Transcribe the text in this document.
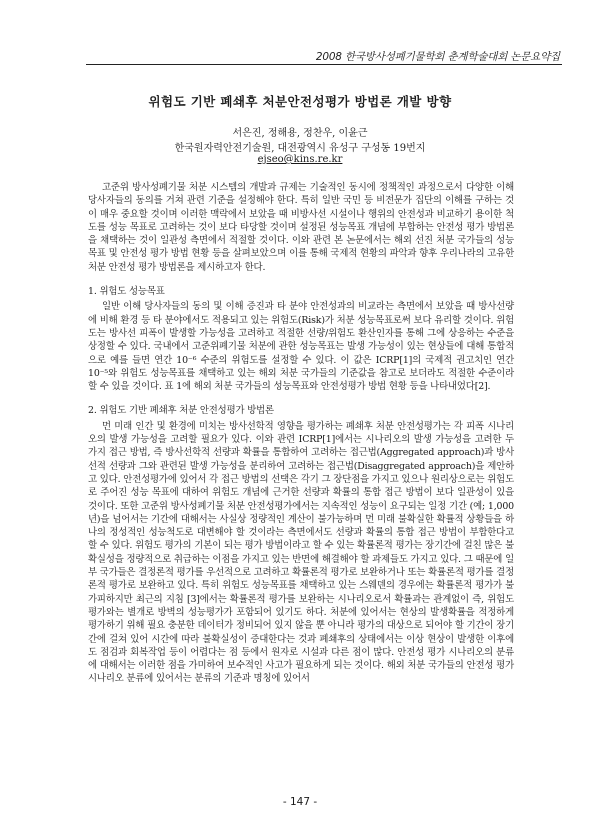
2008 한국방사성폐기물학회 춘계학술대회 논문요약집
위험도 기반 폐쇄후 처분안전성평가 방법론 개발 방향
서은진, 정해용, 정찬우, 이윤근
한국원자력안전기술원, 대전광역시 유성구 구성동 19번지
ejseo@kins.re.kr

고준위 방사성폐기물 처분 시스템의 개발과 규제는 기술적인 동시에 정책적인 과정으로서 다양한 이해 당사자들의 동의를 거쳐 관련 기준을 설정해야 한다. 특히 일반 국민 등 비전문가 집단의 이해를 구하는 것이 매우 중요할 것이며 이러한 맥락에서 보았을 때 비방사선 시설이나 행위의 안전성과 비교하기 용이한 척도를 성능 목표로 고려하는 것이 보다 타당할 것이며 설정된 성능목표 개념에 부합하는 안전성 평가 방법론을 채택하는 것이 일관성 측면에서 적절할 것이다. 이와 관련 본 논문에서는 해외 선진 처분 국가들의 성능목표 및 안전성 평가 방법 현황 등을 살펴보았으며 이를 통해 국제적 현황의 파악과 향후 우리나라의 고유한 처분 안전성 평가 방법론을 제시하고자 한다.

1. 위험도 성능목표

일반 이해 당사자들의 동의 및 이해 증진과 타 분야 안전성과의 비교라는 측면에서 보았을 때 방사선량에 비해 환경 등 타 분야에서도 적용되고 있는 위험도(Risk)가 처분 성능목표로써 보다 유리할 것이다. 위험도는 방사선 피폭이 발생할 가능성을 고려하고 적절한 선량/위험도 환산인자를 통해 그에 상응하는 수준을 상정할 수 있다. 국내에서 고준위폐기물 처분에 관한 성능목표는 발생 가능성이 있는 현상들에 대해 통합적으로 예를 들면 연간 10⁻⁶ 수준의 위험도를 설정할 수 있다. 이 값은 ICRP[1]의 국제적 권고치인 연간 10⁻⁵와 위험도 성능목표를 채택하고 있는 해외 처분 국가들의 기준값을 참고로 보더라도 적절한 수준이라 할 수 있을 것이다. 표 1에 해외 처분 국가들의 성능목표와 안전성평가 방법 현황 등을 나타내었다[2].

2. 위험도 기반 폐쇄후 처분 안전성평가 방법론

먼 미래 인간 및 환경에 미치는 방사선학적 영향을 평가하는 폐쇄후 처분 안전성평가는 각 피폭 시나리오의 발생 가능성을 고려할 필요가 있다. 이와 관련 ICRP[1]에서는 시나리오의 발생 가능성을 고려한 두 가지 접근 방법, 즉 방사선학적 선량과 확률을 통합하여 고려하는 접근법(Aggregated approach)과 방사선적 선량과 그와 관련된 발생 가능성을 분리하여 고려하는 접근법(Disaggregated approach)을 제안하고 있다. 안전성평가에 있어서 각 접근 방법의 선택은 각기 그 장단점을 가지고 있으나 원리상으로는 위험도로 주어진 성능 목표에 대하여 위험도 개념에 근거한 선량과 확률의 통합 접근 방법이 보다 일관성이 있을 것이다. 또한 고준위 방사성폐기물 처분 안전성평가에서는 지속적인 성능이 요구되는 일정 기간 (예; 1,000년)을 넘어서는 기간에 대해서는 사실상 정량적인 계산이 불가능하며 먼 미래 불확실한 확률적 상황들을 하나의 정성적인 성능척도로 대변해야 할 것이라는 측면에서도 선량과 확률의 통합 접근 방법이 부합한다고 할 수 있다. 위험도 평가의 기본이 되는 평가 방법이라고 할 수 있는 확률론적 평가는 장기간에 걸친 많은 불확실성을 정량적으로 취급하는 이점을 가지고 있는 반면에 해결해야 할 과제들도 가지고 있다. 그 때문에 일부 국가들은 결정론적 평가를 우선적으로 고려하고 확률론적 평가로 보완하거나 또는 확률론적 평가를 결정론적 평가로 보완하고 있다. 특히 위험도 성능목표를 채택하고 있는 스웨덴의 경우에는 확률론적 평가가 불가피하지만 최근의 지침 [3]에서는 확률론적 평가를 보완하는 시나리오로서 확률과는 관계없이 즉, 위험도 평가와는 별개로 방벽의 성능평가가 포함되어 있기도 하다. 처분에 있어서는 현상의 발생확률을 적정하게 평가하기 위해 필요 충분한 데이터가 정비되어 있지 않을 뿐 아니라 평가의 대상으로 되어야 할 기간이 장기간에 걸쳐 있어 시간에 따라 불확실성이 증대한다는 것과 폐쇄후의 상태에서는 이상 현상이 발생한 이후에도 점검과 회복작업 등이 어렵다는 점 등에서 원자로 시설과 다른 점이 많다. 안전성 평가 시나리오의 분류에 대해서는 이러한 점을 가미하여 보수적인 사고가 필요하게 되는 것이다. 해외 처분 국가들의 안전성 평가 시나리오 분류에 있어서는 분류의 기준과 명칭에 있어서

- 147 -
